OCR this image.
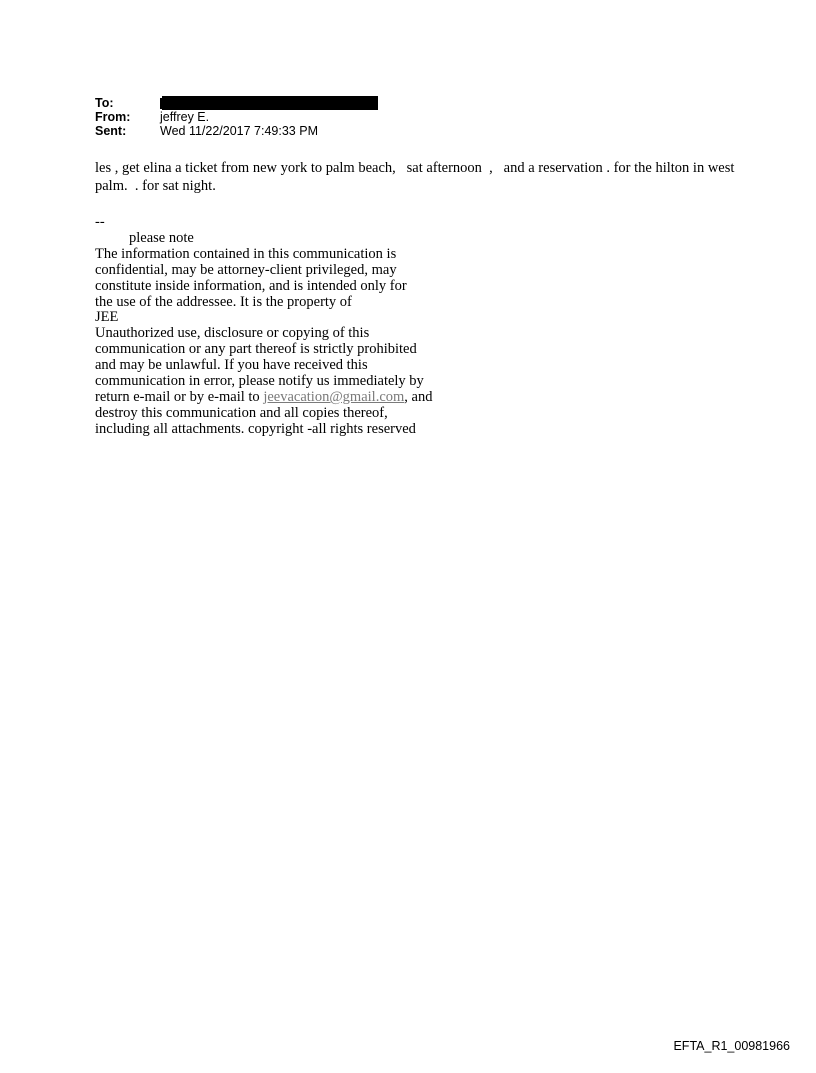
To:
From:	jeffrey E.
Sent:	Wed 11/22/2017 7:49:33 PM

les , get elina a ticket from new york to palm beach,   sat afternoon  ,   and a reservation . for the hilton in west palm.  . for sat night.

--
please note
The information contained in this communication is
confidential, may be attorney-client privileged, may
constitute inside information, and is intended only for
the use of the addressee. It is the property of
JEE
Unauthorized use, disclosure or copying of this
communication or any part thereof is strictly prohibited
and may be unlawful. If you have received this
communication in error, please notify us immediately by
return e-mail or by e-mail to jeevacation@gmail.com, and
destroy this communication and all copies thereof,
including all attachments. copyright -all rights reserved
EFTA_R1_00981966
